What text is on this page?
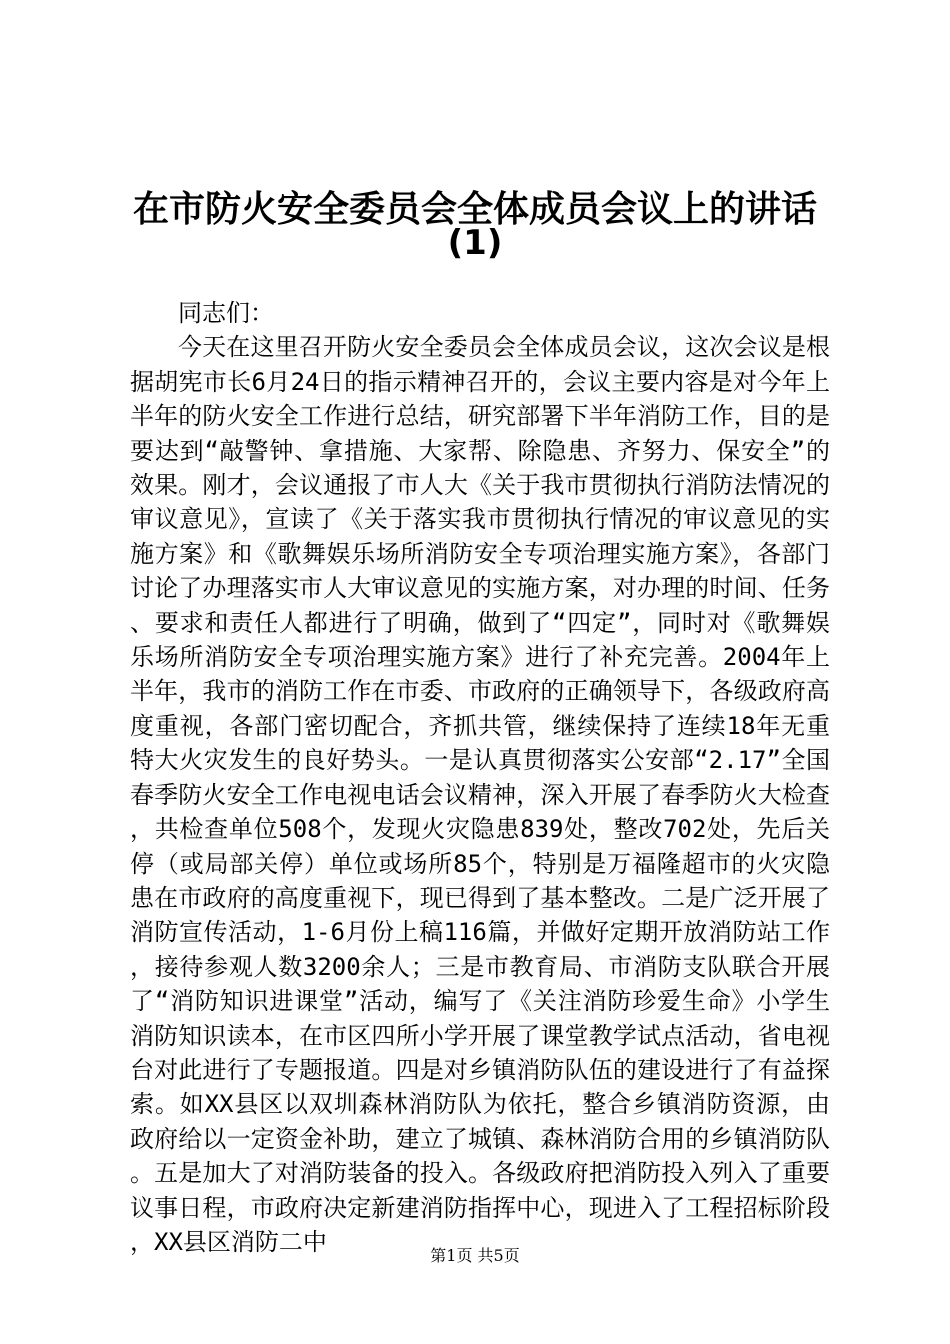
在市防火安全委员会全体成员会议上的讲话
(1)
同志们：
今天在这里召开防火安全委员会全体成员会议，这次会议是根据胡宪市长6月24日的指示精神召开的，会议主要内容是对今年上半年的防火安全工作进行总结，研究部署下半年消防工作，目的是要达到“敲警钟、拿措施、大家帮、除隐患、齐努力、保安全”的效果。刚才，会议通报了市人大《关于我市贯彻执行消防法情况的审议意见》，宣读了《关于落实我市贯彻执行情况的审议意见的实施方案》和《歌舞娱乐场所消防安全专项治理实施方案》，各部门讨论了办理落实市人大审议意见的实施方案，对办理的时间、任务、要求和责任人都进行了明确，做到了“四定”，同时对《歌舞娱乐场所消防安全专项治理实施方案》进行了补充完善。2004年上半年，我市的消防工作在市委、市政府的正确领导下，各级政府高度重视，各部门密切配合，齐抓共管，继续保持了连续18年无重特大火灾发生的良好势头。一是认真贯彻落实公安部“2.17”全国春季防火安全工作电视电话会议精神，深入开展了春季防火大检查，共检查单位508个，发现火灾隐患839处，整改702处，先后关停（或局部关停）单位或场所85个，特别是万福隆超市的火灾隐患在市政府的高度重视下，现已得到了基本整改。二是广泛开展了消防宣传活动，1-6月份上稿116篇，并做好定期开放消防站工作，接待参观人数3200余人；三是市教育局、市消防支队联合开展了“消防知识进课堂”活动，编写了《关注消防珍爱生命》小学生消防知识读本，在市区四所小学开展了课堂教学试点活动，省电视台对此进行了专题报道。四是对乡镇消防队伍的建设进行了有益探索。如XX县区以双圳森林消防队为依托，整合乡镇消防资源，由政府给以一定资金补助，建立了城镇、森林消防合用的乡镇消防队。五是加大了对消防装备的投入。各级政府把消防投入列入了重要议事日程，市政府决定新建消防指挥中心，现进入了工程招标阶段，XX县区消防二中	第1页 共5页
